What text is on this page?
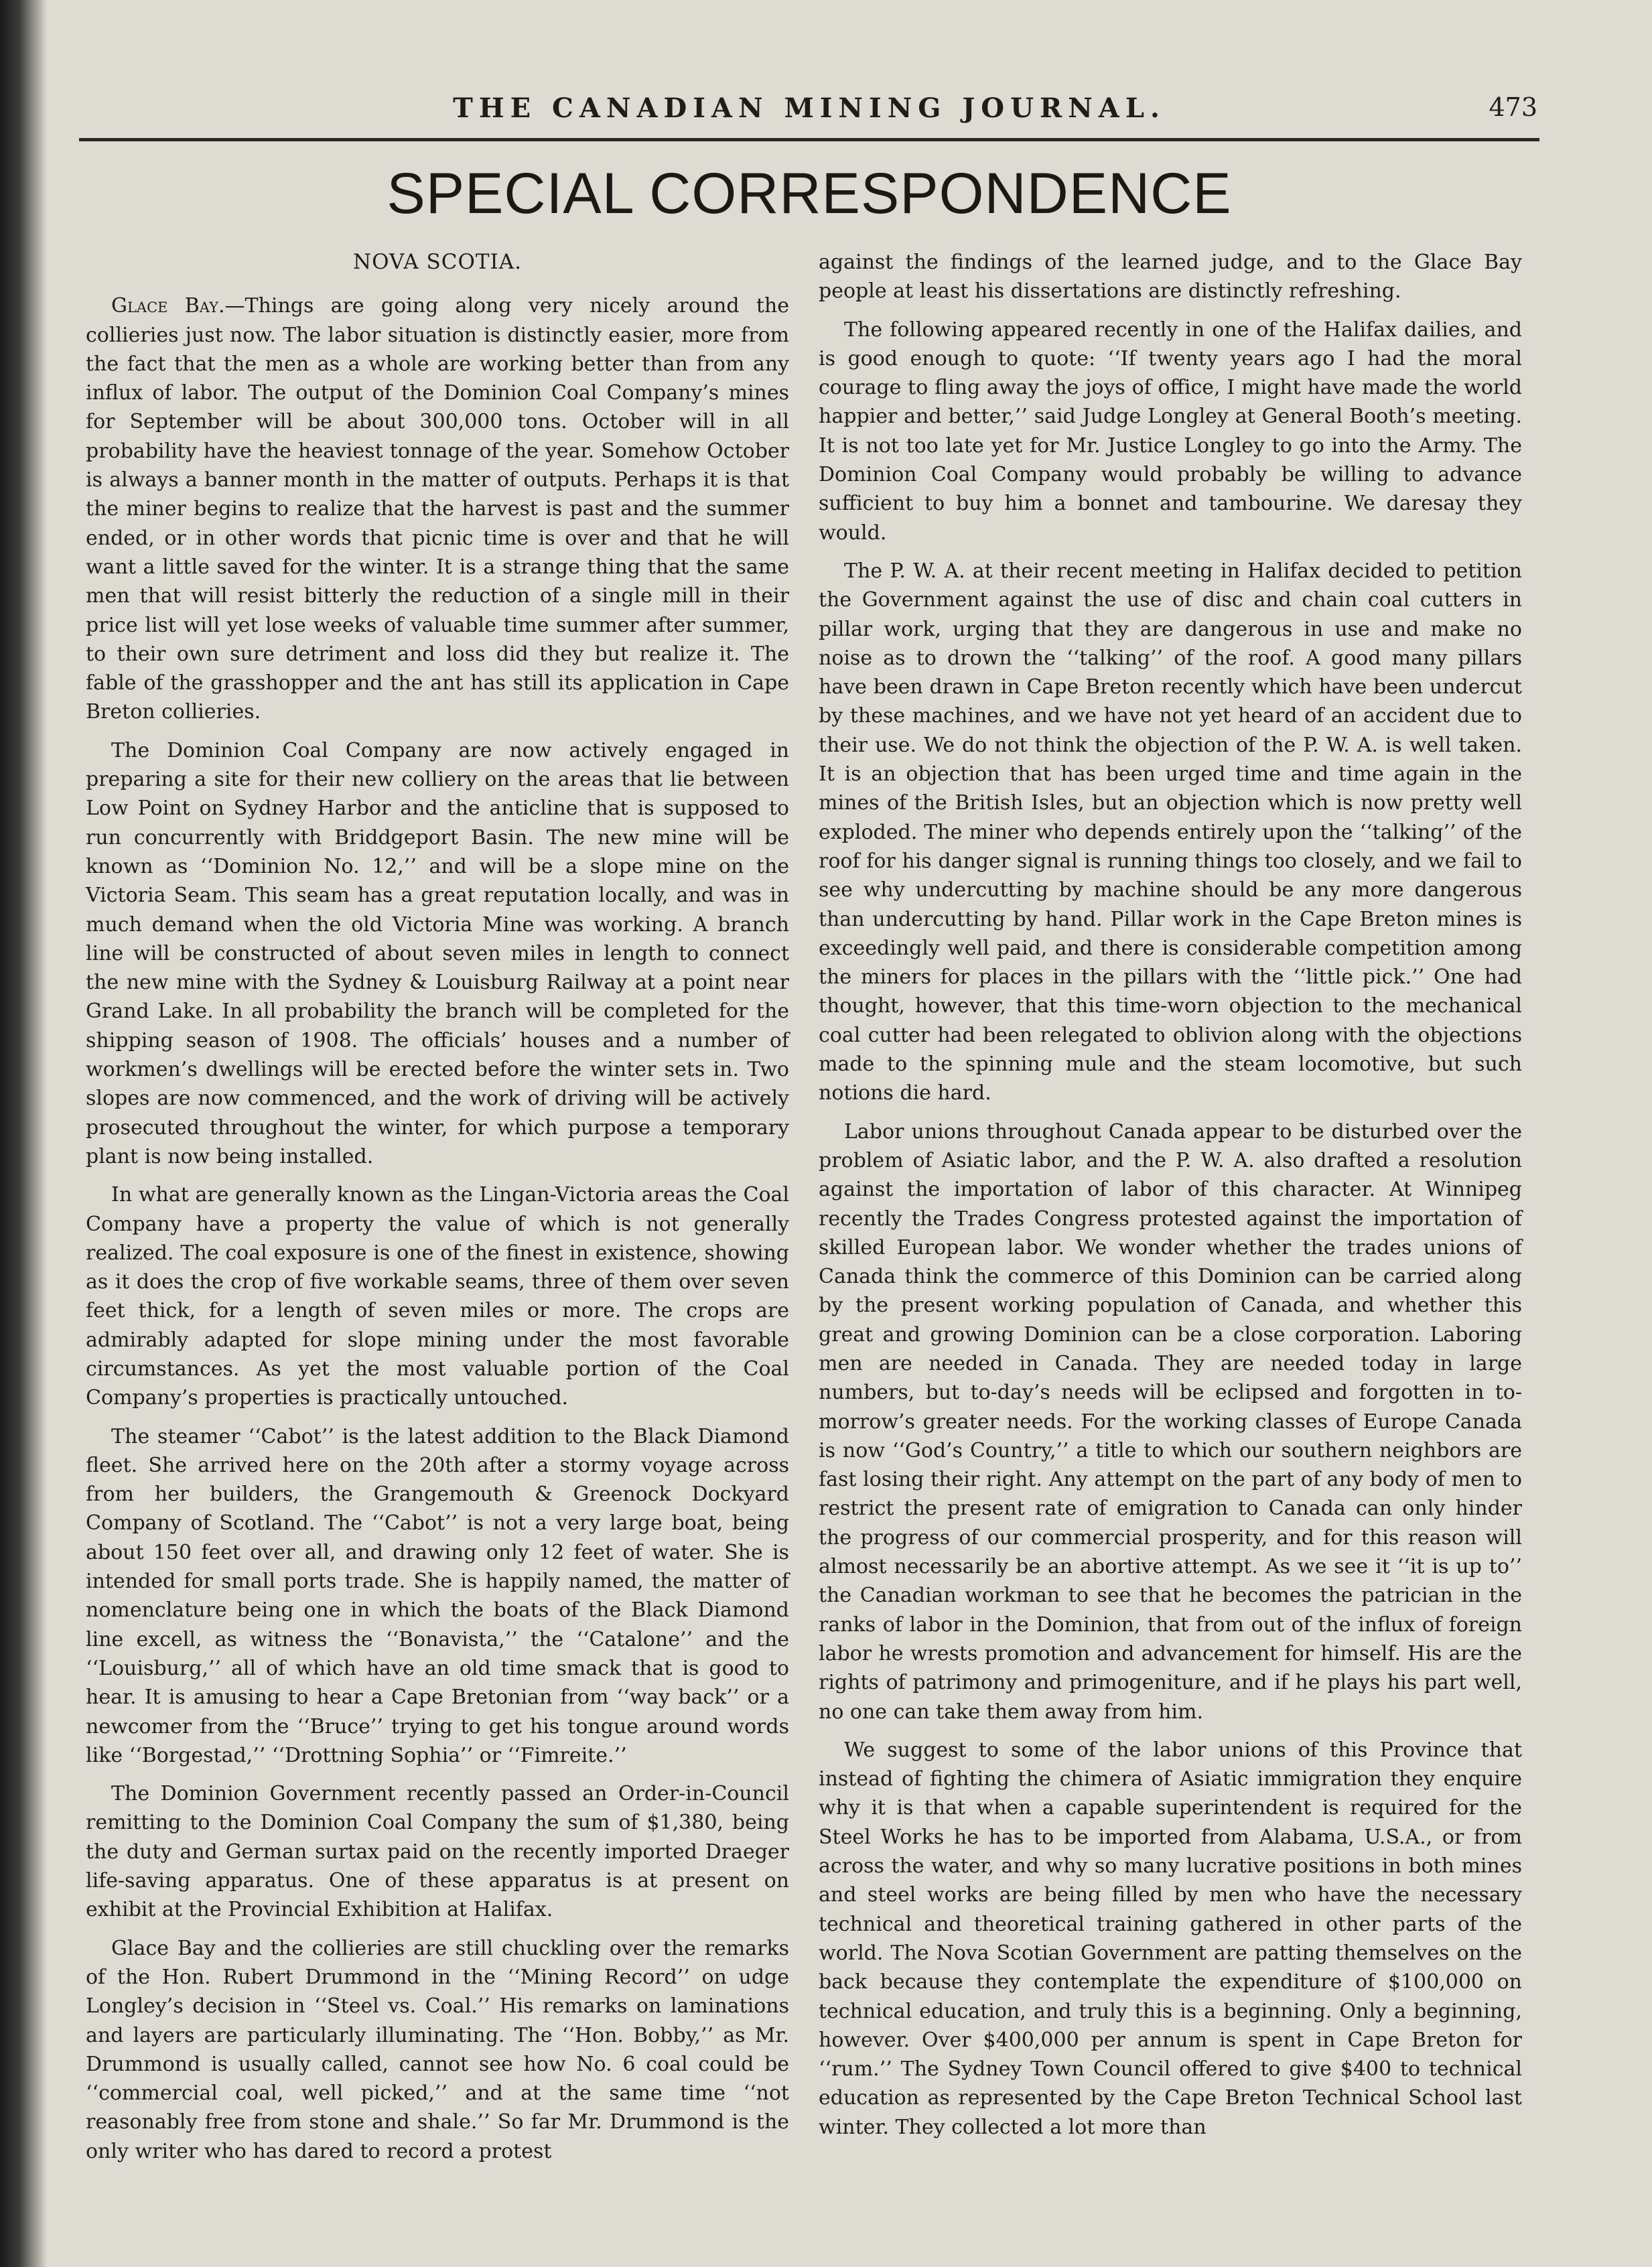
THE CANADIAN MINING JOURNAL.	473
SPECIAL CORRESPONDENCE
NOVA SCOTIA.

Glace Bay.—Things are going along very nicely around the collieries just now. The labor situation is distinctly easier, more from the fact that the men as a whole are working better than from any influx of labor. The output of the Dominion Coal Company’s mines for September will be about 300,000 tons. October will in all probability have the heaviest tonnage of the year. Somehow October is always a banner month in the matter of outputs. Perhaps it is that the miner begins to realize that the harvest is past and the summer ended, or in other words that picnic time is over and that he will want a little saved for the winter. It is a strange thing that the same men that will resist bitterly the reduction of a single mill in their price list will yet lose weeks of valuable time summer after summer, to their own sure detriment and loss did they but realize it. The fable of the grasshopper and the ant has still its application in Cape Breton collieries.

The Dominion Coal Company are now actively engaged in preparing a site for their new colliery on the areas that lie between Low Point on Sydney Harbor and the anticline that is supposed to run concurrently with Briddgeport Basin. The new mine will be known as ‘‘Dominion No. 12,’’ and will be a slope mine on the Victoria Seam. This seam has a great reputation locally, and was in much demand when the old Victoria Mine was working. A branch line will be constructed of about seven miles in length to connect the new mine with the Sydney & Louisburg Railway at a point near Grand Lake. In all probability the branch will be completed for the shipping season of 1908. The officials’ houses and a number of workmen’s dwellings will be erected before the winter sets in. Two slopes are now commenced, and the work of driving will be actively prosecuted throughout the winter, for which purpose a temporary plant is now being installed.

In what are generally known as the Lingan-Victoria areas the Coal Company have a property the value of which is not generally realized. The coal exposure is one of the finest in existence, showing as it does the crop of five workable seams, three of them over seven feet thick, for a length of seven miles or more. The crops are admirably adapted for slope mining under the most favorable circumstances. As yet the most valuable portion of the Coal Company’s properties is practically untouched.

The steamer ‘‘Cabot’’ is the latest addition to the Black Diamond fleet. She arrived here on the 20th after a stormy voyage across from her builders, the Grangemouth & Greenock Dockyard Company of Scotland. The ‘‘Cabot’’ is not a very large boat, being about 150 feet over all, and drawing only 12 feet of water. She is intended for small ports trade. She is happily named, the matter of nomenclature being one in which the boats of the Black Diamond line excell, as witness the ‘‘Bonavista,’’ the ‘‘Catalone’’ and the ‘‘Louisburg,’’ all of which have an old time smack that is good to hear. It is amusing to hear a Cape Bretonian from ‘‘way back’’ or a newcomer from the ‘‘Bruce’’ trying to get his tongue around words like ‘‘Borgestad,’’ ‘‘Drottning Sophia’’ or ‘‘Fimreite.’’

The Dominion Government recently passed an Order-in-Council remitting to the Dominion Coal Company the sum of $1,380, being the duty and German surtax paid on the recently imported Draeger life-saving apparatus. One of these apparatus is at present on exhibit at the Provincial Exhibition at Halifax.

Glace Bay and the collieries are still chuckling over the remarks of the Hon. Rubert Drummond in the ‘‘Mining Record’’ on udge Longley’s decision in ‘‘Steel vs. Coal.’’ His remarks on laminations and layers are particularly illuminating. The ‘‘Hon. Bobby,’’ as Mr. Drummond is usually called, cannot see how No. 6 coal could be ‘‘commercial coal, well picked,’’ and at the same time ‘‘not reasonably free from stone and shale.’’ So far Mr. Drummond is the only writer who has dared to record a protest

against the findings of the learned judge, and to the Glace Bay people at least his dissertations are distinctly refreshing.

The following appeared recently in one of the Halifax dailies, and is good enough to quote: ‘‘If twenty years ago I had the moral courage to fling away the joys of office, I might have made the world happier and better,’’ said Judge Longley at General Booth’s meeting. It is not too late yet for Mr. Justice Longley to go into the Army. The Dominion Coal Company would probably be willing to advance sufficient to buy him a bonnet and tambourine. We daresay they would.

The P. W. A. at their recent meeting in Halifax decided to petition the Government against the use of disc and chain coal cutters in pillar work, urging that they are dangerous in use and make no noise as to drown the ‘‘talking’’ of the roof. A good many pillars have been drawn in Cape Breton recently which have been undercut by these machines, and we have not yet heard of an accident due to their use. We do not think the objection of the P. W. A. is well taken. It is an objection that has been urged time and time again in the mines of the British Isles, but an objection which is now pretty well exploded. The miner who depends entirely upon the ‘‘talking’’ of the roof for his danger signal is running things too closely, and we fail to see why undercutting by machine should be any more dangerous than undercutting by hand. Pillar work in the Cape Breton mines is exceedingly well paid, and there is considerable competition among the miners for places in the pillars with the ‘‘little pick.’’ One had thought, however, that this time-worn objection to the mechanical coal cutter had been relegated to oblivion along with the objections made to the spinning mule and the steam locomotive, but such notions die hard.

Labor unions throughout Canada appear to be disturbed over the problem of Asiatic labor, and the P. W. A. also drafted a resolution against the importation of labor of this character. At Winnipeg recently the Trades Congress protested against the importation of skilled European labor. We wonder whether the trades unions of Canada think the commerce of this Dominion can be carried along by the present working population of Canada, and whether this great and growing Dominion can be a close corporation. Laboring men are needed in Canada. They are needed today in large numbers, but to-day’s needs will be eclipsed and forgotten in to-morrow’s greater needs. For the working classes of Europe Canada is now ‘‘God’s Country,’’ a title to which our southern neighbors are fast losing their right. Any attempt on the part of any body of men to restrict the present rate of emigration to Canada can only hinder the progress of our commercial prosperity, and for this reason will almost necessarily be an abortive attempt. As we see it ‘‘it is up to’’ the Canadian workman to see that he becomes the patrician in the ranks of labor in the Dominion, that from out of the influx of foreign labor he wrests promotion and advancement for himself. His are the rights of patrimony and primogeniture, and if he plays his part well, no one can take them away from him.

We suggest to some of the labor unions of this Province that instead of fighting the chimera of Asiatic immigration they enquire why it is that when a capable superintendent is required for the Steel Works he has to be imported from Alabama, U.S.A., or from across the water, and why so many lucrative positions in both mines and steel works are being filled by men who have the necessary technical and theoretical training gathered in other parts of the world. The Nova Scotian Government are patting themselves on the back because they contemplate the expenditure of $100,000 on technical education, and truly this is a beginning. Only a beginning, however. Over $400,000 per annum is spent in Cape Breton for ‘‘rum.’’ The Sydney Town Council offered to give $400 to technical education as represented by the Cape Breton Technical School last winter. They collected a lot more than
